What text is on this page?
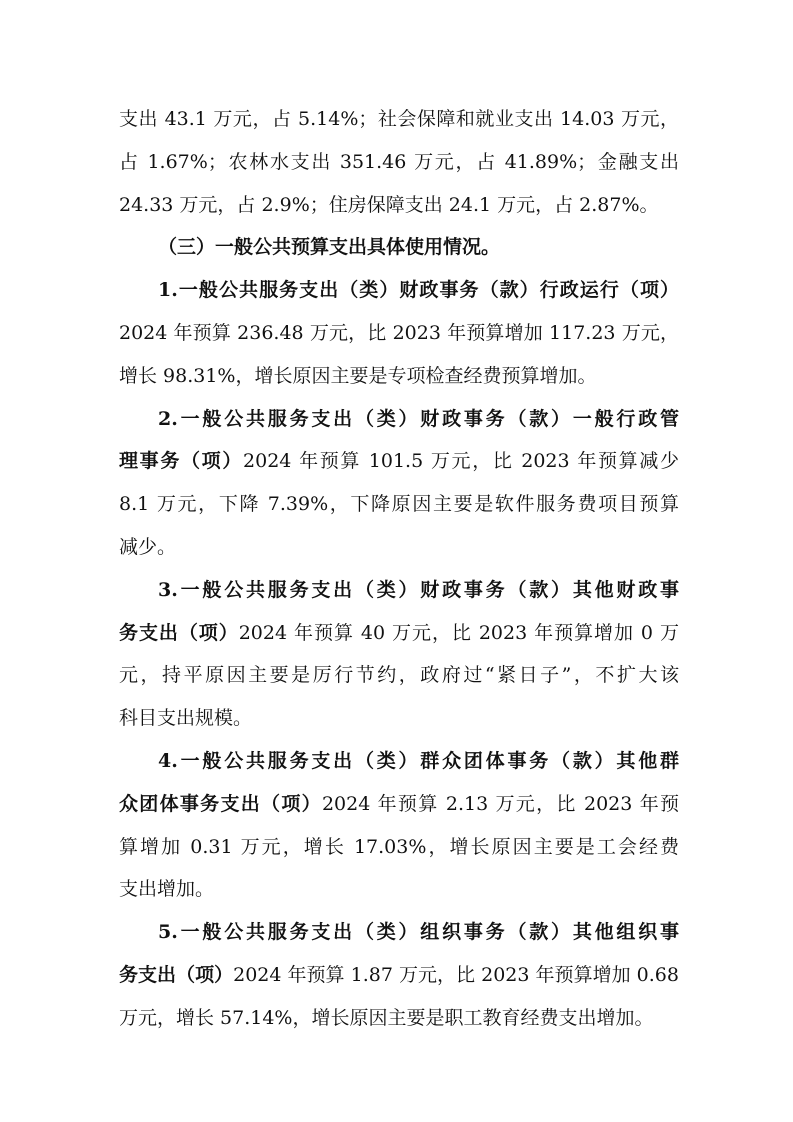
支出 43.1 万元，占 5.14%；社会保障和就业支出 14.03 万元，
占 1.67%；农林水支出 351.46 万元，占 41.89%；金融支出
24.33 万元，占 2.9%；住房保障支出 24.1 万元，占 2.87%。
（三）一般公共预算支出具体使用情况。
1.一般公共服务支出（类）财政事务（款）行政运行（项）
2024 年预算 236.48 万元，比 2023 年预算增加 117.23 万元，
增长 98.31%，增长原因主要是专项检查经费预算增加。
2.一般公共服务支出（类）财政事务（款）一般行政管
理事务（项）2024 年预算 101.5 万元，比 2023 年预算减少
8.1 万元，下降 7.39%，下降原因主要是软件服务费项目预算
减少。
3.一般公共服务支出（类）财政事务（款）其他财政事
务支出（项）2024 年预算 40 万元，比 2023 年预算增加 0 万
元，持平原因主要是厉行节约，政府过“紧日子”，不扩大该
科目支出规模。
4.一般公共服务支出（类）群众团体事务（款）其他群
众团体事务支出（项）2024 年预算 2.13 万元，比 2023 年预
算增加 0.31 万元，增长 17.03%，增长原因主要是工会经费
支出增加。
5.一般公共服务支出（类）组织事务（款）其他组织事
务支出（项）2024 年预算 1.87 万元，比 2023 年预算增加 0.68
万元，增长 57.14%，增长原因主要是职工教育经费支出增加。
